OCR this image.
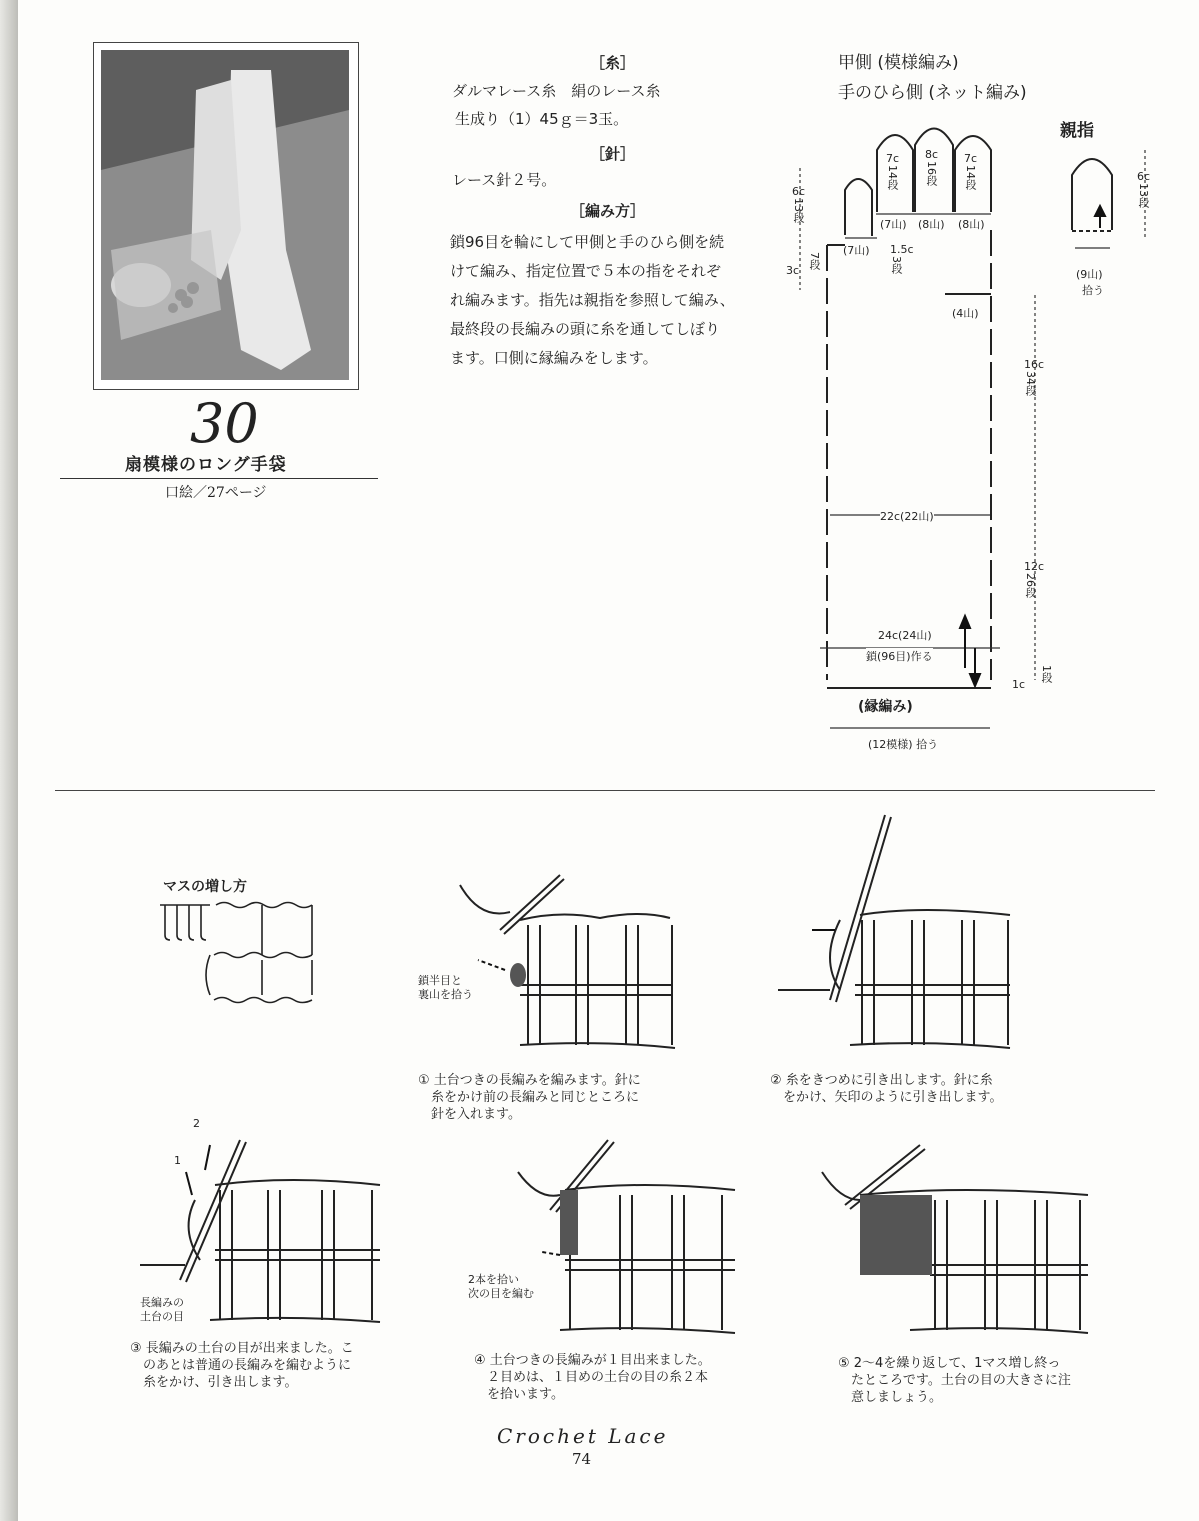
30
扇模様のロング手袋
口絵／27ページ
［糸］
ダルマレース糸　絹のレース糸
生成り（1）45ｇ＝3玉。
［針］
レース針２号。
［編み方］
鎖96目を輪にして甲側と手のひら側を続
けて編み、指定位置で５本の指をそれぞ
れ編みます。指先は親指を参照して編み、
最終段の長編みの頭に糸を通してしぼり
ます。口側に縁編みをします。
甲側 (模様編み)
手のひら側 (ネット編み)
親指
7c
14段
8c
16段
7c
14段
(7山) (8山) (8山)
(7山)
6c
13段
1.5c
3段
3c
7段
(4山)
16c
34段
22c(22山)
12c
26段
24c(24山)
鎖(96目)作る
1c
1段
(縁編み)
(12模様) 拾う
6c
13段
(9山)
拾う
マスの増し方
鎖半目と
裏山を拾う
① 土台つきの長編みを編みます。針に
　糸をかけ前の長編みと同じところに
　針を入れます。
② 糸をきつめに引き出します。針に糸
　をかけ、矢印のように引き出します。
2
1
長編みの
土台の目
③ 長編みの土台の目が出来ました。こ
　のあとは普通の長編みを編むように
　糸をかけ、引き出します。
2本を拾い
次の目を編む
④ 土台つきの長編みが１目出来ました。
　２目めは、１目めの土台の目の糸２本
　を拾います。
⑤ 2～4を繰り返して、1マス増し終っ
　たところです。土台の目の大きさに注
　意しましょう。
Crochet Lace
74
